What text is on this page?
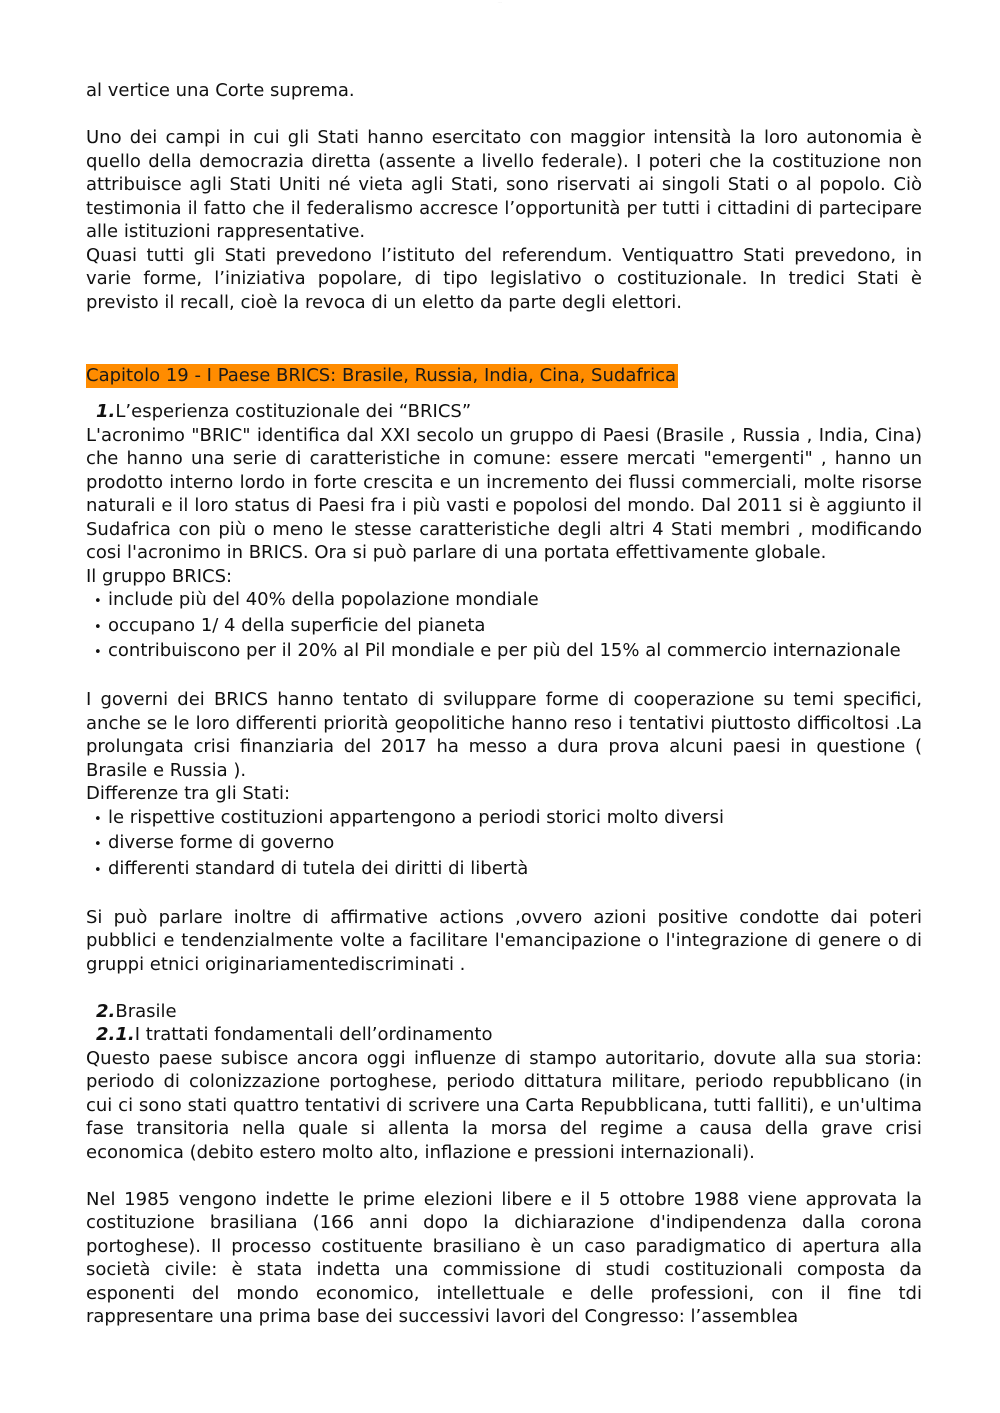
·····

al vertice una Corte suprema.

Uno dei campi in cui gli Stati hanno esercitato con maggior intensità la loro autonomia è quello della democrazia diretta (assente a livello federale). I poteri che la costituzione non attribuisce agli Stati Uniti né vieta agli Stati, sono riservati ai singoli Stati o al popolo. Ciò testimonia il fatto che il federalismo accresce l’opportunità per tutti i cittadini di partecipare alle istituzioni rappresentative.

Quasi tutti gli Stati prevedono l’istituto del referendum. Ventiquattro Stati prevedono, in varie forme, l’iniziativa popolare, di tipo legislativo o costituzionale. In tredici Stati è previsto il recall, cioè la revoca di un eletto da parte degli elettori.

Capitolo 19 - I Paese BRICS: Brasile, Russia, India, Cina, Sudafrica
1.L’esperienza costituzionale dei “BRICS”

L'acronimo "BRIC" identifica dal XXI secolo un gruppo di Paesi (Brasile , Russia , India, Cina) che hanno una serie di caratteristiche in comune: essere mercati "emergenti" , hanno un prodotto interno lordo in forte crescita e un incremento dei flussi commerciali, molte risorse naturali e il loro status di Paesi fra i più vasti e popolosi del mondo. Dal 2011 si è aggiunto il Sudafrica con più o meno le stesse caratteristiche degli altri 4 Stati membri , modificando cosi l'acronimo in BRICS. Ora si può parlare di una portata effettivamente globale.

Il gruppo BRICS:

• include più del 40% della popolazione mondiale
• occupano 1/ 4 della superficie del pianeta
• contribuiscono per il 20% al Pil mondiale e per più del 15% al commercio internazionale

I governi dei BRICS hanno tentato di sviluppare forme di cooperazione su temi specifici, anche se le loro differenti priorità geopolitiche hanno reso i tentativi piuttosto difficoltosi .La prolungata crisi finanziaria del 2017 ha messo a dura prova alcuni paesi in questione ( Brasile e Russia ).

Differenze tra gli Stati:

• le rispettive costituzioni appartengono a periodi storici molto diversi
• diverse forme di governo
• differenti standard di tutela dei diritti di libertà

Si può parlare inoltre di affirmative actions ,ovvero azioni positive condotte dai poteri pubblici e tendenzialmente volte a facilitare l'emancipazione o l'integrazione di genere o di gruppi etnici originariamentediscriminati .

2.Brasile
2.1.I trattati fondamentali dell’ordinamento

Questo paese subisce ancora oggi influenze di stampo autoritario, dovute alla sua storia: periodo di colonizzazione portoghese, periodo dittatura militare, periodo repubblicano (in cui ci sono stati quattro tentativi di scrivere una Carta Repubblicana, tutti falliti), e un'ultima fase transitoria nella quale si allenta la morsa del regime a causa della grave crisi economica (debito estero molto alto, inflazione e pressioni internazionali).

Nel 1985 vengono indette le prime elezioni libere e il 5 ottobre 1988 viene approvata la costituzione brasiliana (166 anni dopo la dichiarazione d'indipendenza dalla corona portoghese). Il processo costituente brasiliano è un caso paradigmatico di apertura alla società civile: è stata indetta una commissione di studi costituzionali composta da esponenti del mondo economico, intellettuale e delle professioni, con il fine tdi rappresentare una prima base dei successivi lavori del Congresso: l’assemblea
